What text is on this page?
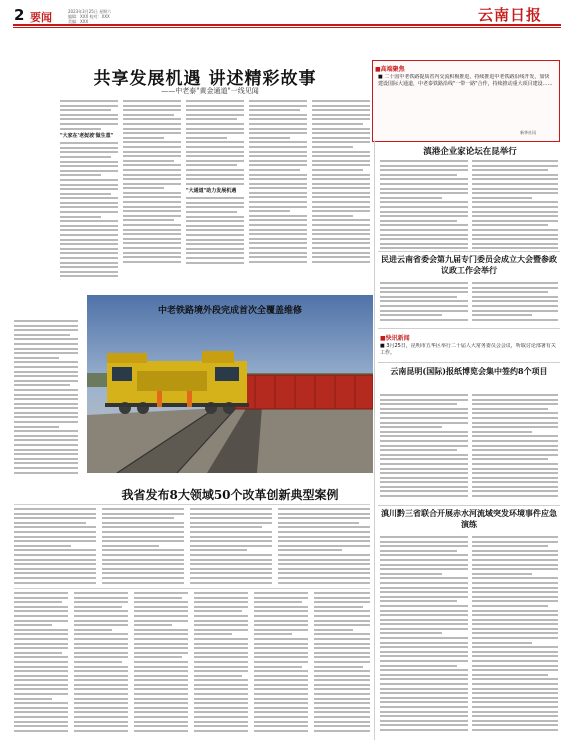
2 要闻	2023年3月25日 星期六
编辑：XXX 校对：XXX
美编：XXX	云南日报
共享发展机遇 讲述精彩故事
——中老泰"黄金通道"一线见闻
"大家在'老挝坡'做生意"
"大通道"助力发展机遇
■高端聚焦
■ 二十国中老铁路提质省内交流积极推进，持续推进中老铁路沿线开发，加快建设国际大通道，中老泰铁路沿线"一带一路"合作，持续推动重大项目建设……
新华社讯
滇港企业家论坛在昆举行
民进云南省委会第九届专门委员会成立大会暨参政议政工作会举行
■快讯新闻
■ 3月25日，昆明市五华区举行二十届人大常务委员会会议，听取讨论部署有关工作。
云南昆明(国际)报纸博览会集中签约8个项目
滇川黔三省联合开展赤水河流域突发环境事件应急演练
中老铁路境外段完成首次全覆盖维修
我省发布8大领域50个改革创新典型案例
